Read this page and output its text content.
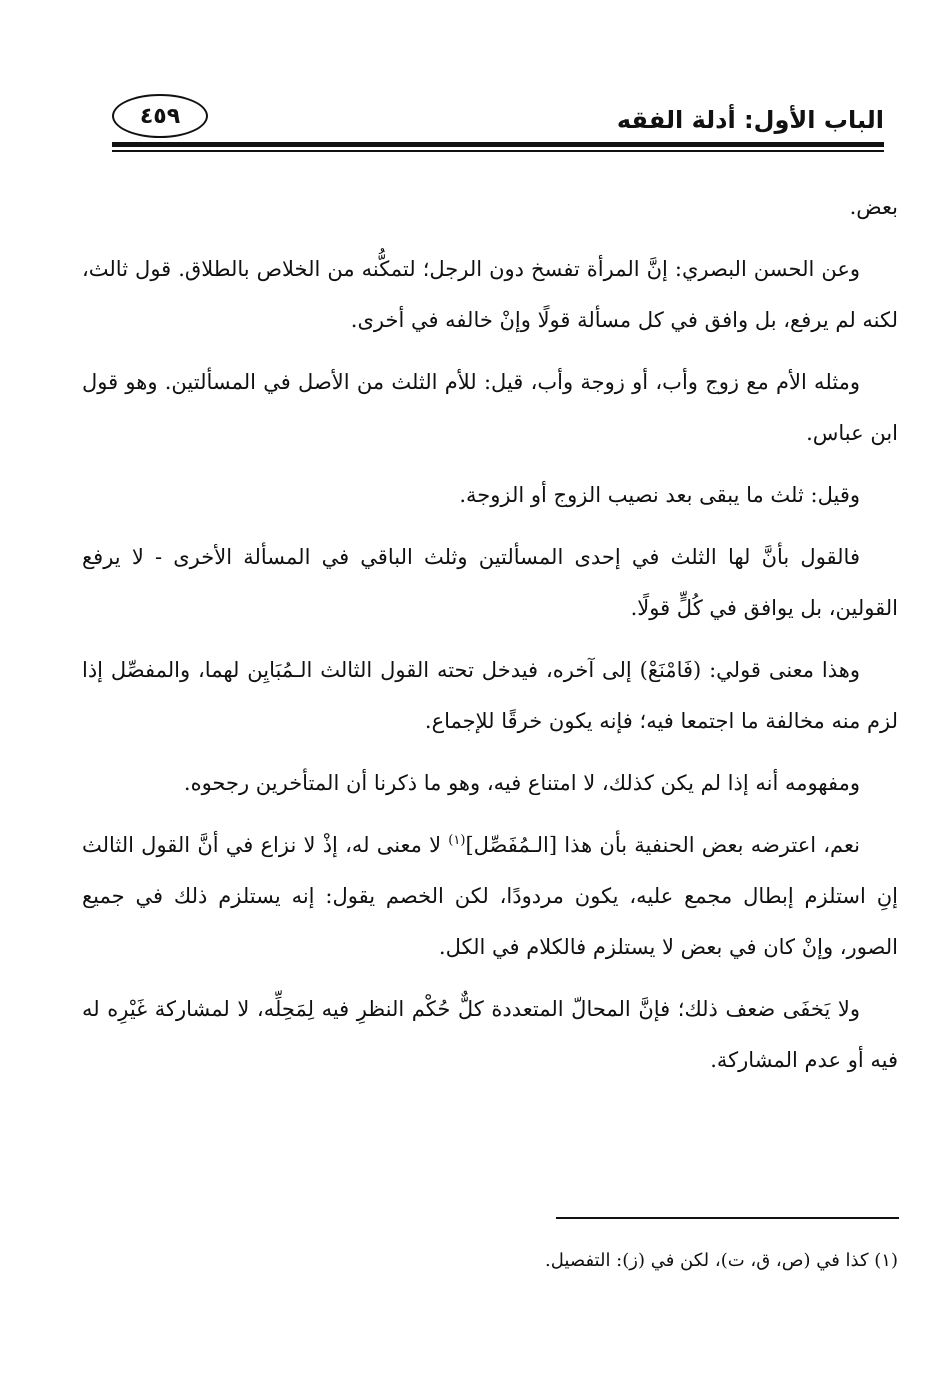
الباب الأول: أدلة الفقه
٤٥٩

بعض.

وعن الحسن البصري: إنَّ المرأة تفسخ دون الرجل؛ لتمكُّنه من الخلاص بالطلاق. قول ثالث، لكنه لم يرفع، بل وافق في كل مسألة قولًا وإنْ خالفه في أخرى.

ومثله الأم مع زوج وأب، أو زوجة وأب، قيل: للأم الثلث من الأصل في المسألتين. وهو قول ابن عباس.

وقيل: ثلث ما يبقى بعد نصيب الزوج أو الزوجة.

فالقول بأنَّ لها الثلث في إحدى المسألتين وثلث الباقي في المسألة الأخرى - لا يرفع القولين، بل يوافق في كُلٍّ قولًا.

وهذا معنى قولي: (فَامْنَعْ) إلى آخره، فيدخل تحته القول الثالث الـمُبَايِن لهما، والمفصِّل إذا لزم منه مخالفة ما اجتمعا فيه؛ فإنه يكون خرقًا للإجماع.

ومفهومه أنه إذا لم يكن كذلك، لا امتناع فيه، وهو ما ذكرنا أن المتأخرين رجحوه.

نعم، اعترضه بعض الحنفية بأن هذا [الـمُفَصِّل]$^{(١)}$ لا معنى له، إذْ لا نزاع في أنَّ القول الثالث إنِ استلزم إبطال مجمع عليه، يكون مردودًا، لكن الخصم يقول: إنه يستلزم ذلك في جميع الصور، وإنْ كان في بعض لا يستلزم فالكلام في الكل.

ولا يَخفَى ضعف ذلك؛ فإنَّ المحالّ المتعددة كلٌّ حُكْم النظرِ فيه لِمَحِلِّه، لا لمشاركة غَيْرِه له فيه أو عدم المشاركة.

(١) كذا في (ص، ق، ت)، لكن في (ز): التفصيل.
